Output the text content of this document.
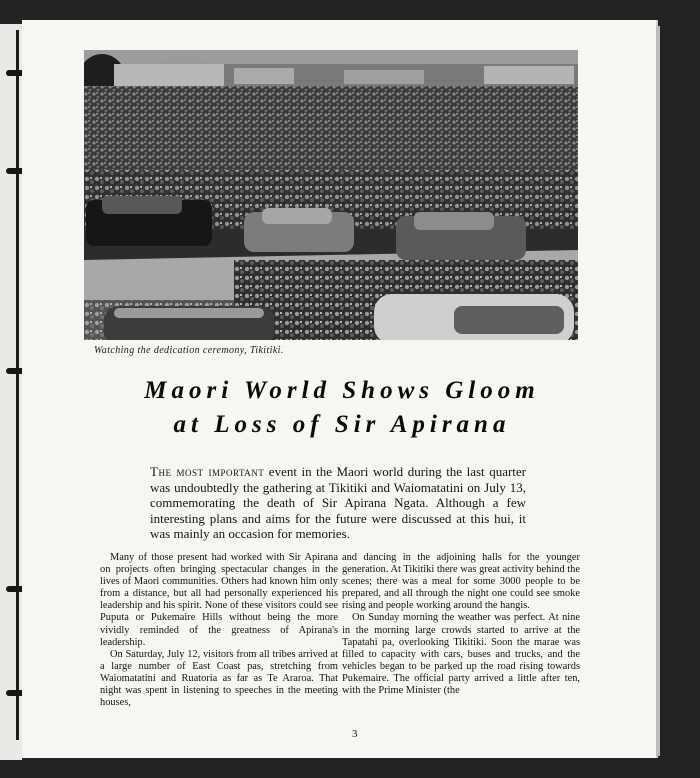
Watching the dedication ceremony, Tikitiki.
Maori World Shows Gloom
at Loss of Sir Apirana
The most important event in the Maori world during the last quarter was undoubtedly the gathering at Tikitiki and Waiomatatini on July 13, commemorating the death of Sir Apirana Ngata. Although a few interesting plans and aims for the future were discussed at this hui, it was mainly an occasion for memories.

Many of those present had worked with Sir Apirana on projects often bringing spectacular changes in the lives of Maori communities. Others had known him only from a distance, but all had personally experienced his leadership and his spirit. None of these visitors could see Puputa or Pukemaire Hills without being the more vividly reminded of the greatness of Apirana's leadership.

On Saturday, July 12, visitors from all tribes arrived at a large number of East Coast pas, stretching from Waiomatatini and Ruatoria as far as Te Araroa. That night was spent in listening to speeches in the meeting houses,

and dancing in the adjoining halls for the younger generation. At Tikitiki there was great activity behind the scenes; there was a meal for some 3000 people to be prepared, and all through the night one could see smoke rising and people working around the hangis.

On Sunday morning the weather was perfect. At nine in the morning large crowds started to arrive at the Tapatahi pa, overlooking Tikitiki. Soon the marae was filled to capacity with cars, buses and trucks, and the vehicles began to be parked up the road rising towards Pukemaire. The official party arrived a little after ten, with the Prime Minister (the

3
